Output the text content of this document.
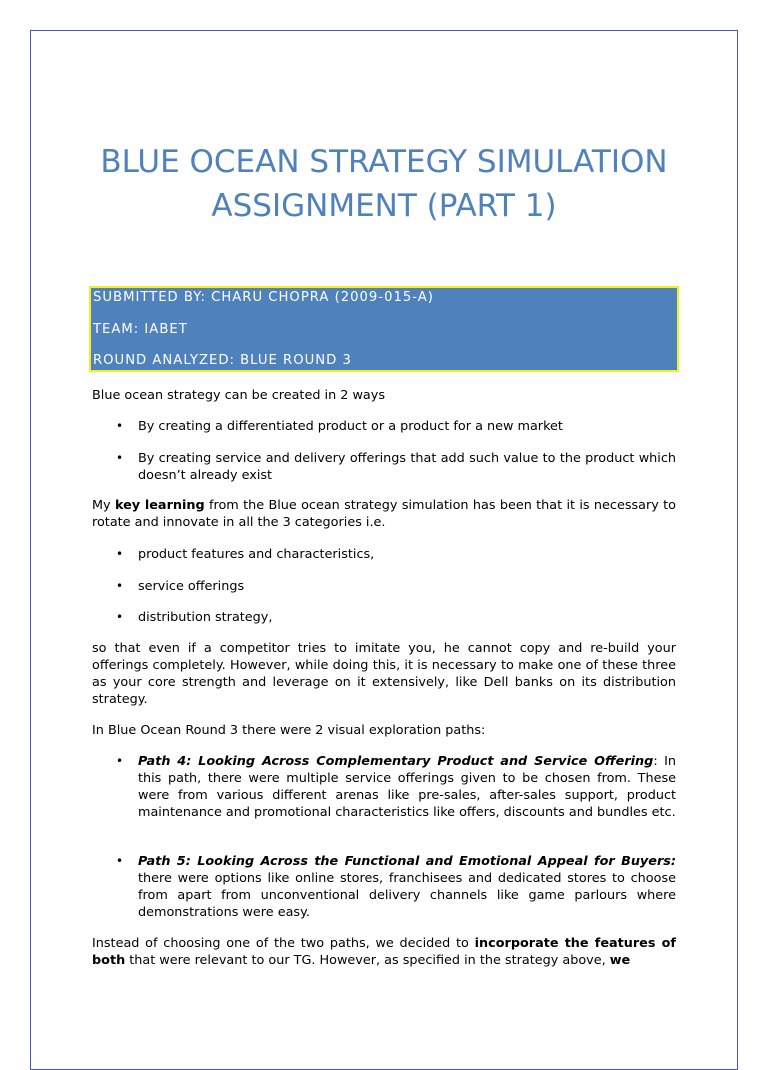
BLUE OCEAN STRATEGY SIMULATION ASSIGNMENT (PART 1)
SUBMITTED BY: CHARU CHOPRA (2009-015-A)
TEAM: IABET
ROUND ANALYZED: BLUE ROUND 3

Blue ocean strategy can be created in 2 ways

• By creating a differentiated product or a product for a new market

• By creating service and delivery offerings that add such value to the product which doesn’t already exist

My key learning from the Blue ocean strategy simulation has been that it is necessary to rotate and innovate in all the 3 categories i.e.

• product features and characteristics,

• service offerings

• distribution strategy,

so that even if a competitor tries to imitate you, he cannot copy and re-build your offerings completely. However, while doing this, it is necessary to make one of these three as your core strength and leverage on it extensively, like Dell banks on its distribution strategy.

In Blue Ocean Round 3 there were 2 visual exploration paths:

• Path 4: Looking Across Complementary Product and Service Offering: In this path, there were multiple service offerings given to be chosen from. These were from various different arenas like pre-sales, after-sales support, product maintenance and promotional characteristics like offers, discounts and bundles etc.

• Path 5: Looking Across the Functional and Emotional Appeal for Buyers: there were options like online stores, franchisees and dedicated stores to choose from apart from unconventional delivery channels like game parlours where demonstrations were easy.

Instead of choosing one of the two paths, we decided to incorporate the features of both that were relevant to our TG. However, as specified in the strategy above, we
